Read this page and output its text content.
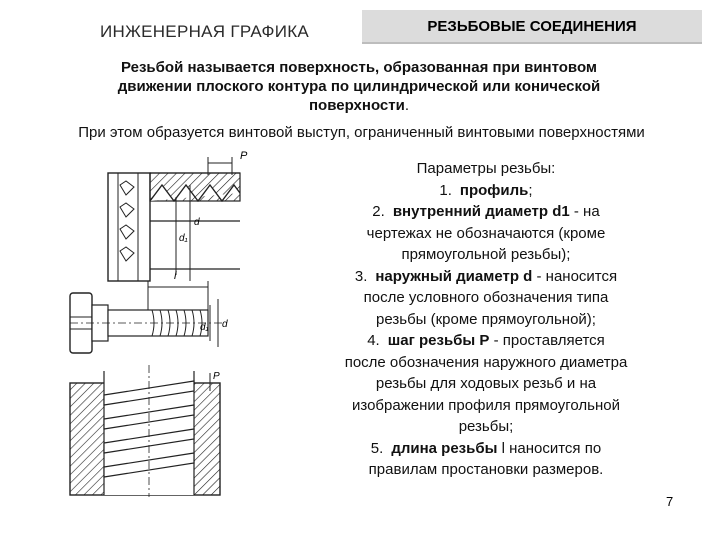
ИНЖЕНЕРНАЯ ГРАФИКА	РЕЗЬБОВЫЕ СОЕДИНЕНИЯ
Резьбой называется поверхность, образованная при винтовом
движении плоского контура по цилиндрической или конической
поверхности.
При этом образуется винтовой выступ, ограниченный винтовыми поверхностями
P
d₁
d
l
d₁ d
P
Параметры резьбы:
1. профиль;
2. внутренний диаметр d1 - на
чертежах не обозначаются (кроме
прямоугольной резьбы);
3. наружный диаметр d - наносится
после условного обозначения типа
резьбы (кроме прямоугольной);
4. шаг резьбы Р - проставляется
после обозначения наружного диаметра
резьбы для ходовых резьб и на
изображении профиля прямоугольной
резьбы;
5. длина резьбы l наносится по
правилам простановки размеров.
7
